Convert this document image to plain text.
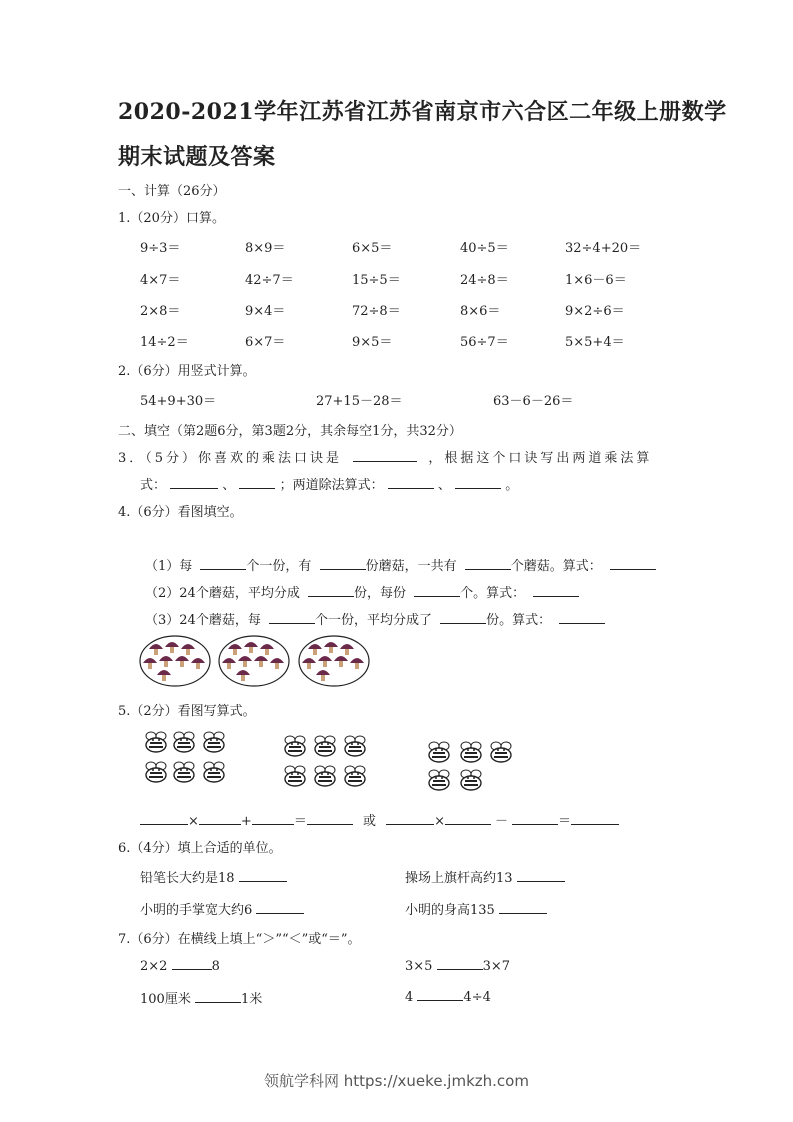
2020-2021学年江苏省江苏省南京市六合区二年级上册数学
期末试题及答案
一、计算（26分）
1.（20分）口算。
9÷3＝	8×9＝	6×5＝	40÷5＝	32÷4+20＝
4×7＝	42÷7＝	15÷5＝	24÷8＝	1×6－6＝
2×8＝	9×4＝	72÷8＝	8×6＝	9×2÷6＝
14÷2＝	6×7＝	9×5＝	56÷7＝	5×5+4＝
2.（6分）用竖式计算。
54+9+30＝	27+15－28＝	63－6－26＝
二、填空（第2题6分，第3题2分，其余每空1分，共32分）
3．（5分）你喜欢的乘法口诀是	，根据这个口诀写出两道乘法算
式：	、	；两道除法算式：	、	。
4.（6分）看图填空。
（1）每	个一份，有	份蘑菇，一共有	个蘑菇。算式：
（2）24个蘑菇，平均分成	份，每份	个。算式：
（3）24个蘑菇，每	个一份，平均分成了	份。算式：
5.（2分）看图写算式。
×	+	＝	或	×	－	＝
6.（4分）填上合适的单位。
铅笔长大约是18	操场上旗杆高约13
小明的手掌宽大约6	小明的身高135
7.（6分）在横线上填上“＞”“＜”或“＝”。
2×2	8	3×5	3×7
100厘米	1米	4	4÷4
领航学科网 https://xueke.jmkzh.com
